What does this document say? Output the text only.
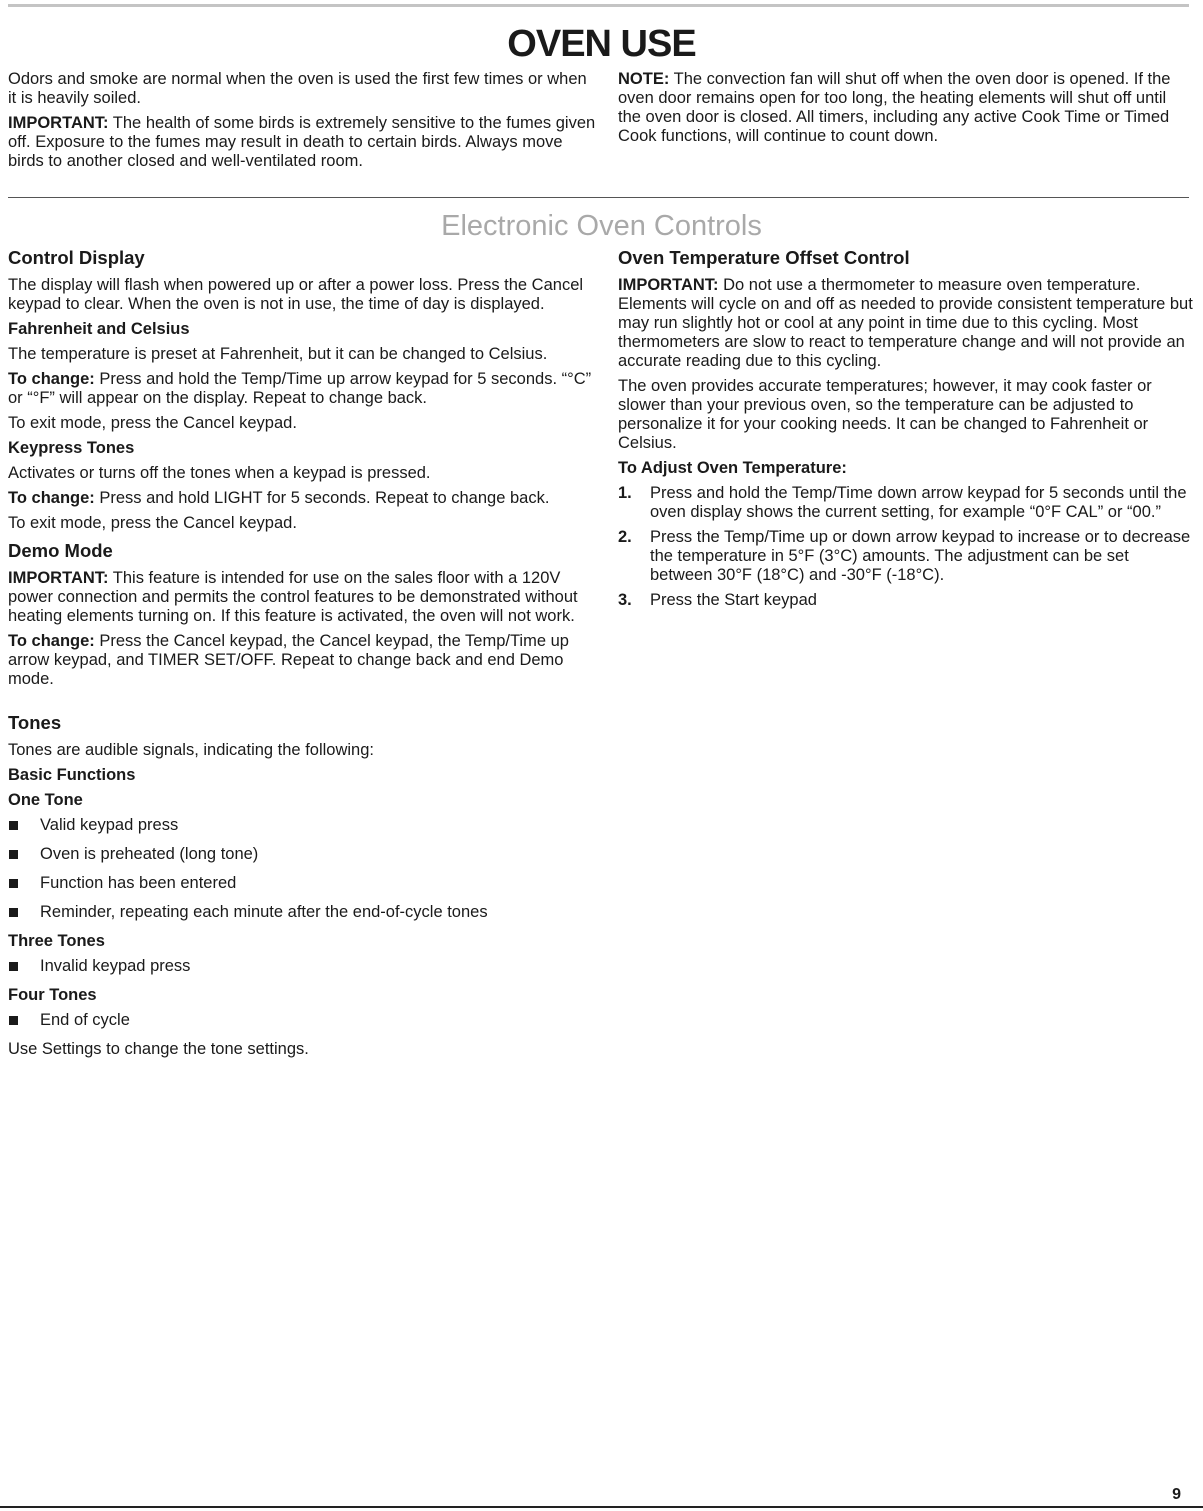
OVEN USE

Odors and smoke are normal when the oven is used the first few times or when it is heavily soiled.

IMPORTANT: The health of some birds is extremely sensitive to the fumes given off. Exposure to the fumes may result in death to certain birds. Always move birds to another closed and well-ventilated room.

NOTE: The convection fan will shut off when the oven door is opened. If the oven door remains open for too long, the heating elements will shut off until the oven door is closed. All timers, including any active Cook Time or Timed Cook functions, will continue to count down.

Electronic Oven Controls
Control Display

The display will flash when powered up or after a power loss. Press the Cancel keypad to clear. When the oven is not in use, the time of day is displayed.

Fahrenheit and Celsius

The temperature is preset at Fahrenheit, but it can be changed to Celsius.

To change: Press and hold the Temp/Time up arrow keypad for 5 seconds. “°C” or “°F” will appear on the display. Repeat to change back.

To exit mode, press the Cancel keypad.

Keypress Tones

Activates or turns off the tones when a keypad is pressed.

To change: Press and hold LIGHT for 5 seconds. Repeat to change back.

To exit mode, press the Cancel keypad.

Demo Mode

IMPORTANT: This feature is intended for use on the sales floor with a 120V power connection and permits the control features to be demonstrated without heating elements turning on. If this feature is activated, the oven will not work.

To change: Press the Cancel keypad, the Cancel keypad, the Temp/Time up arrow keypad, and TIMER SET/OFF. Repeat to change back and end Demo mode.

Tones

Tones are audible signals, indicating the following:

Basic Functions
One Tone
Valid keypad press
Oven is preheated (long tone)
Function has been entered
Reminder, repeating each minute after the end-of-cycle tones
Three Tones
Invalid keypad press
Four Tones
End of cycle

Use Settings to change the tone settings.

Oven Temperature Offset Control

IMPORTANT: Do not use a thermometer to measure oven temperature. Elements will cycle on and off as needed to provide consistent temperature but may run slightly hot or cool at any point in time due to this cycling. Most thermometers are slow to react to temperature change and will not provide an accurate reading due to this cycling.

The oven provides accurate temperatures; however, it may cook faster or slower than your previous oven, so the temperature can be adjusted to personalize it for your cooking needs. It can be changed to Fahrenheit or Celsius.

To Adjust Oven Temperature:
1. Press and hold the Temp/Time down arrow keypad for 5 seconds until the oven display shows the current setting, for example “0°F CAL” or “00.”
2. Press the Temp/Time up or down arrow keypad to increase or to decrease the temperature in 5°F (3°C) amounts. The adjustment can be set between 30°F (18°C) and -30°F (-18°C).
3. Press the Start keypad
9
